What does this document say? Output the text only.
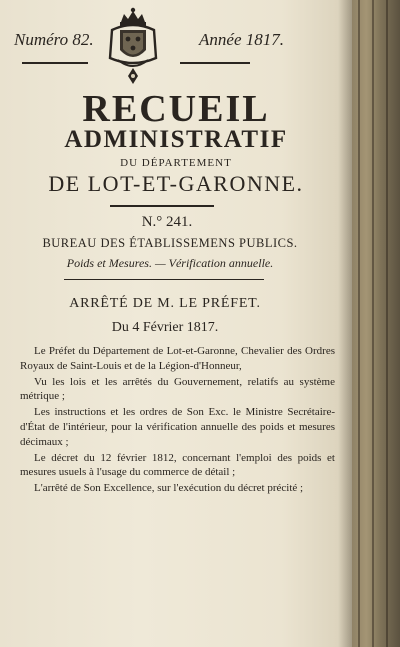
Numéro 82.	Année 1817.
RECUEIL
ADMINISTRATIF
DU DÉPARTEMENT
DE LOT-ET-GARONNE.
N.° 241.
BUREAU DES ÉTABLISSEMENS PUBLICS.
Poids et Mesures. — Vérification annuelle.
ARRÊTÉ DE M. LE PRÉFET.
Du 4 Février 1817.

Le Préfet du Département de Lot-et-Garonne, Chevalier des Ordres Royaux de Saint-Louis et de la Légion-d'Honneur,

Vu les lois et les arrêtés du Gouvernement, relatifs au système métrique ;

Les instructions et les ordres de Son Exc. le Ministre Secrétaire-d'État de l'intérieur, pour la vérification annuelle des poids et mesures décimaux ;

Le décret du 12 février 1812, concernant l'emploi des poids et mesures usuels à l'usage du commerce de détail ;

L'arrêté de Son Excellence, sur l'exécution du décret précité ;
